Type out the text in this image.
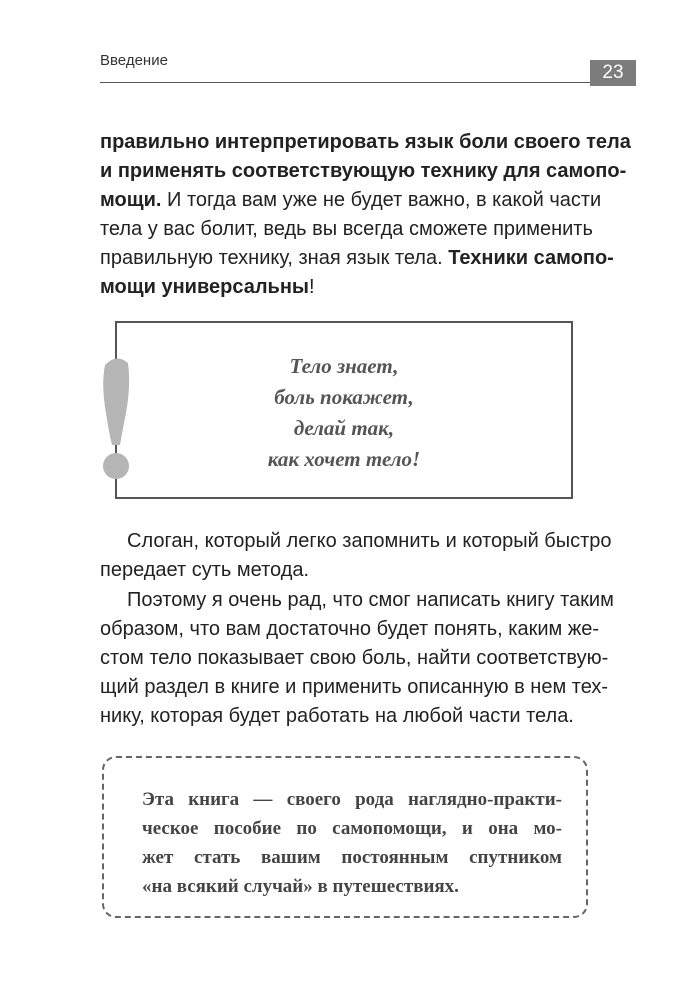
Введение
23
правильно интерпретировать язык боли своего тела
и применять соответствующую технику для самопо-
мощи. И тогда вам уже не будет важно, в какой части
тела у вас болит, ведь вы всегда сможете применить
правильную технику, зная язык тела. Техники самопо-
мощи универсальны!
Тело знает,
боль покажет,
делай так,
как хочет тело!
Слоган, который легко запомнить и который быстро
передает суть метода.
Поэтому я очень рад, что смог написать книгу таким
образом, что вам достаточно будет понять, каким же-
стом тело показывает свою боль, найти соответствую-
щий раздел в книге и применить описанную в нем тех-
нику, которая будет работать на любой части тела.
Эта книга — своего рода наглядно-практи-
ческое пособие по самопомощи, и она мо-
жет стать вашим постоянным спутником
«на всякий случай» в путешествиях.
